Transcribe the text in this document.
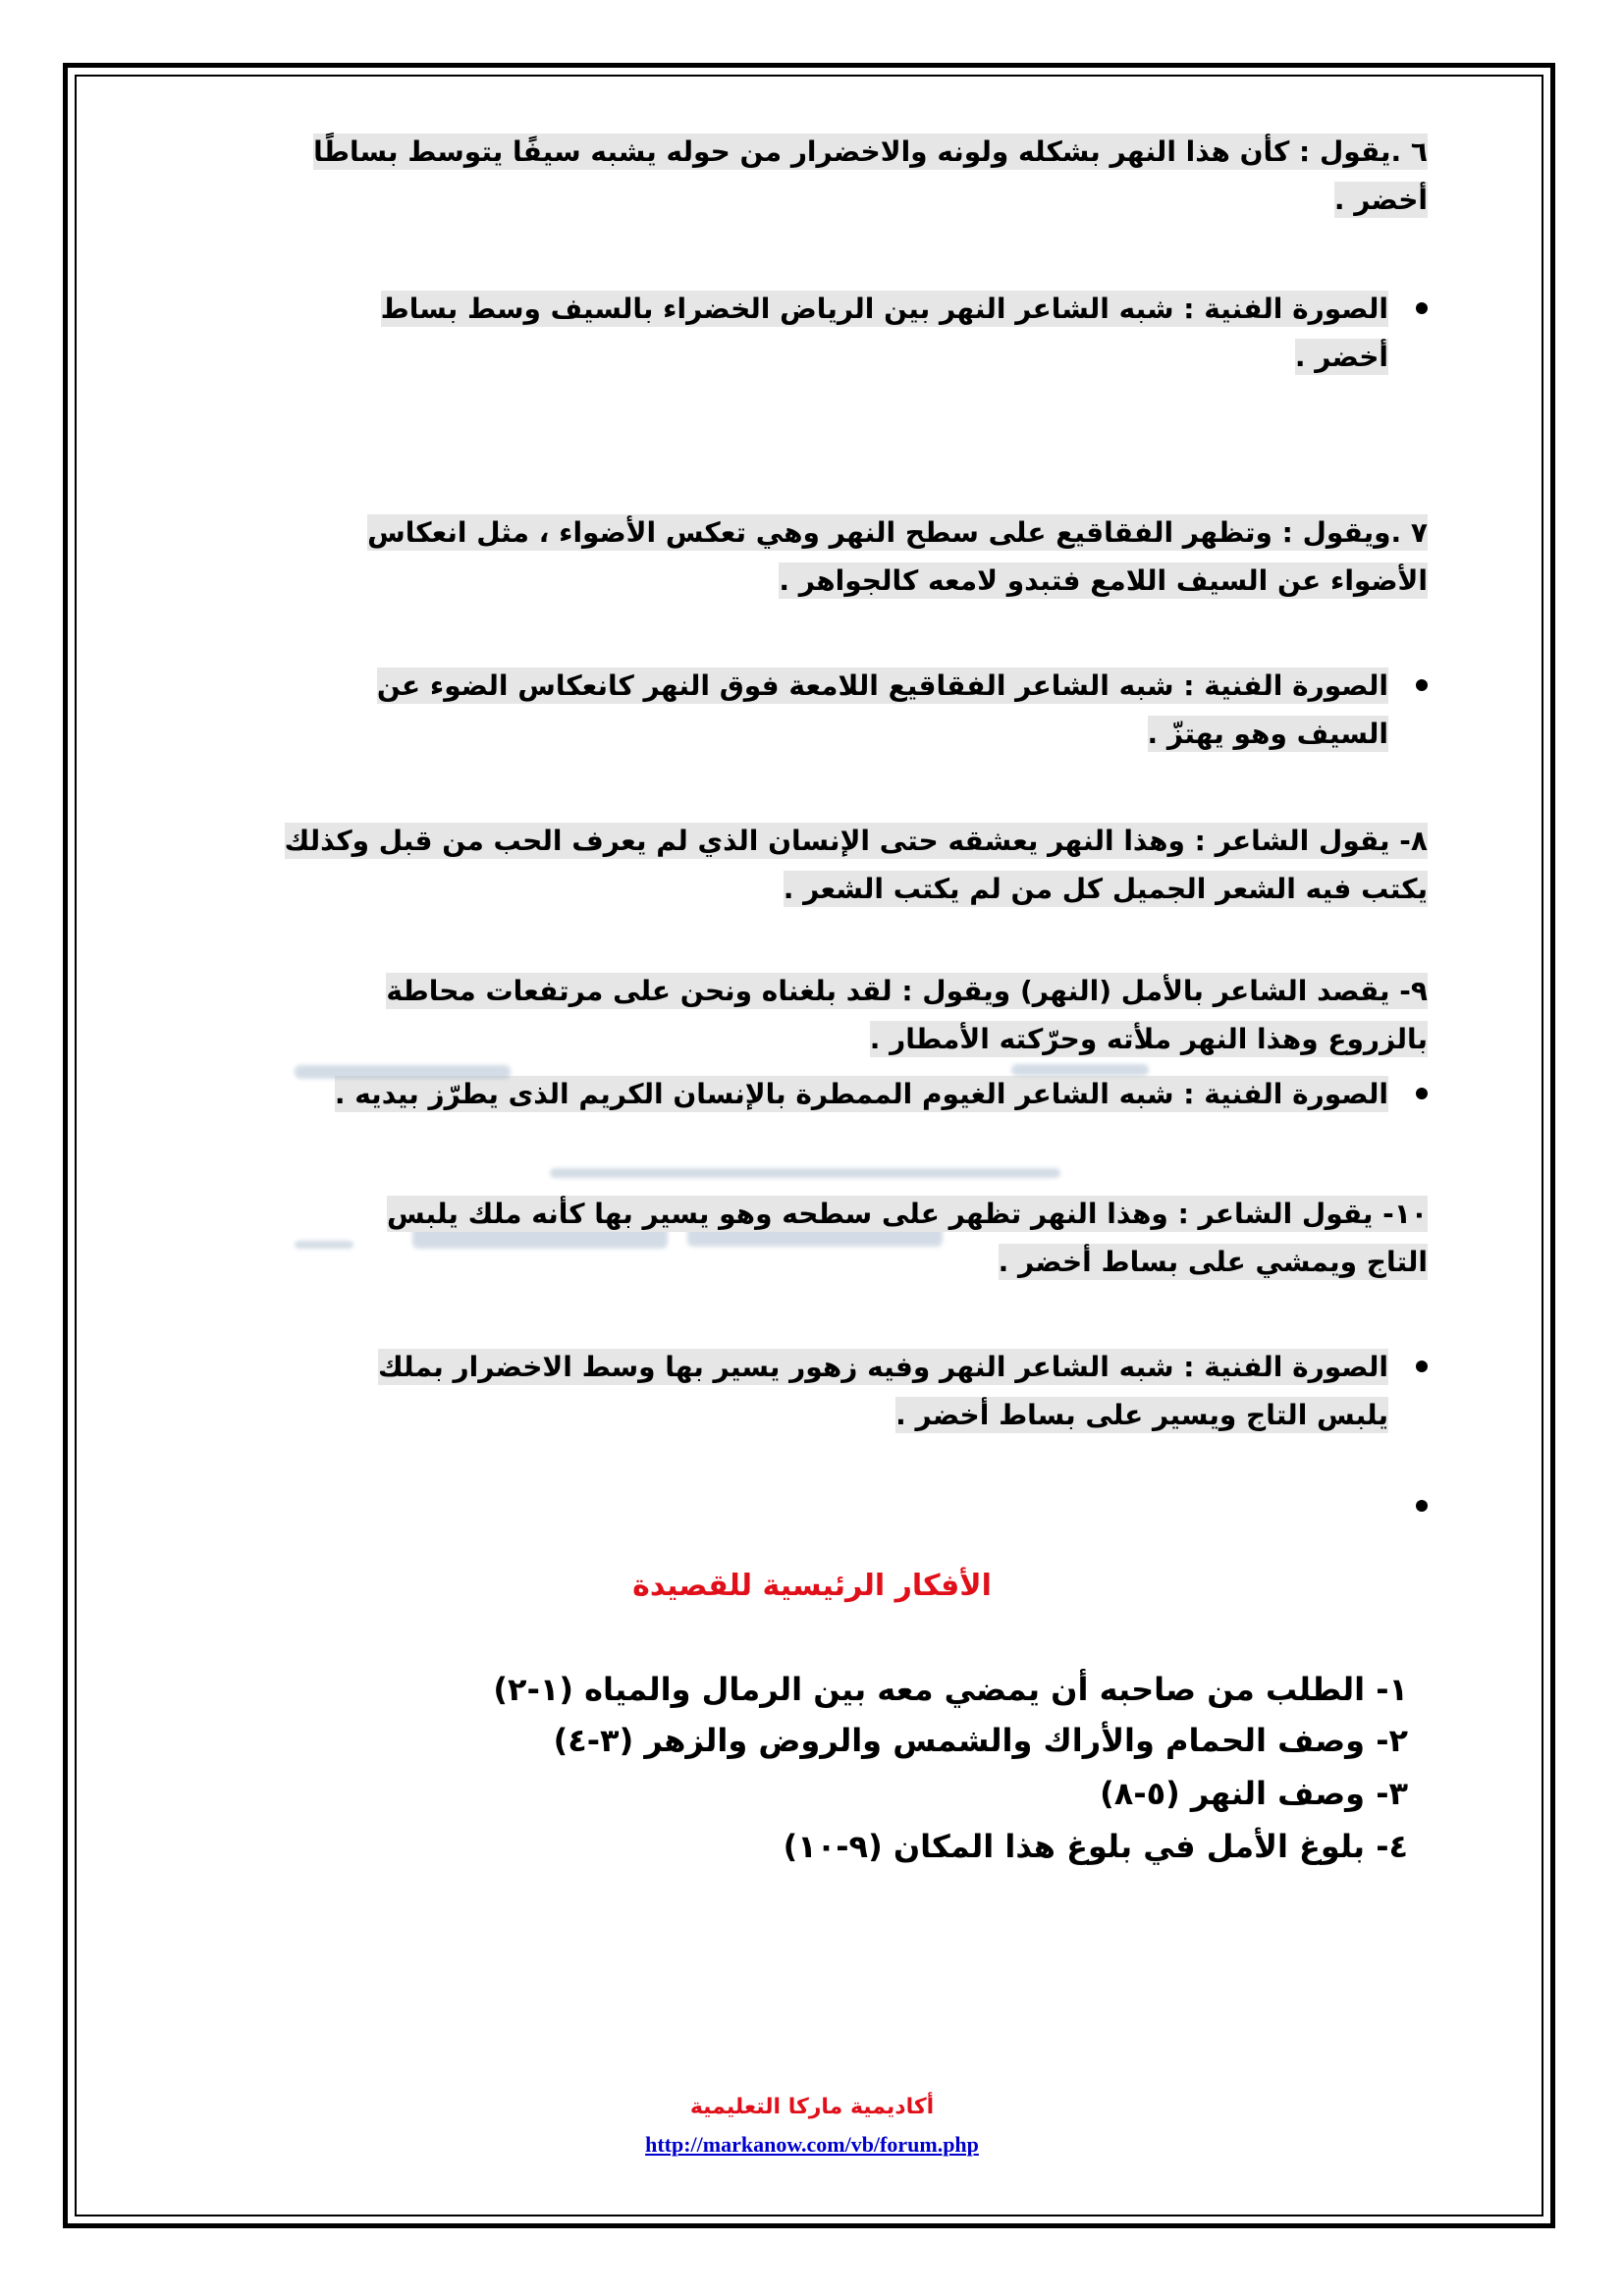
٦ .يقول : كأن هذا النهر بشكله ولونه والاخضرار من حوله يشبه سيفًا يتوسط بساطًا
أخضر .
الصورة الفنية : شبه الشاعر النهر بين الرياض الخضراء بالسيف وسط بساط
أخضر .
٧ .ويقول : وتظهر الفقاقيع على سطح النهر وهي تعكس الأضواء ، مثل انعكاس
الأضواء عن السيف اللامع فتبدو لامعه كالجواهر .
الصورة الفنية : شبه الشاعر الفقاقيع اللامعة فوق النهر كانعكاس الضوء عن
السيف وهو يهتزّ .
٨- يقول الشاعر : وهذا النهر يعشقه حتى الإنسان الذي لم يعرف الحب من قبل وكذلك
يكتب فيه الشعر الجميل كل من لم يكتب الشعر .
٩- يقصد الشاعر بالأمل (النهر) ويقول : لقد بلغناه ونحن على مرتفعات محاطة
بالزروع وهذا النهر ملأته وحرّكته الأمطار .
الصورة الفنية : شبه الشاعر الغيوم الممطرة بالإنسان الكريم الذى يطرّز بيديه .
١٠- يقول الشاعر : وهذا النهر تظهر على سطحه وهو يسير بها كأنه ملك يلبس
التاج ويمشي على بساط أخضر .
الصورة الفنية : شبه الشاعر النهر وفيه زهور يسير بها وسط الاخضرار بملك
يلبس التاج ويسير على بساط أخضر .
الأفكار الرئيسية للقصيدة
١- الطلب من صاحبه أن يمضي معه بين الرمال والمياه (١-٢)
٢- وصف الحمام والأراك والشمس والروض والزهر (٣-٤)
٣- وصف النهر (٥-٨)
٤- بلوغ الأمل في بلوغ هذا المكان (٩-١٠)
أكاديمية ماركا التعليمية
http://markanow.com/vb/forum.php
